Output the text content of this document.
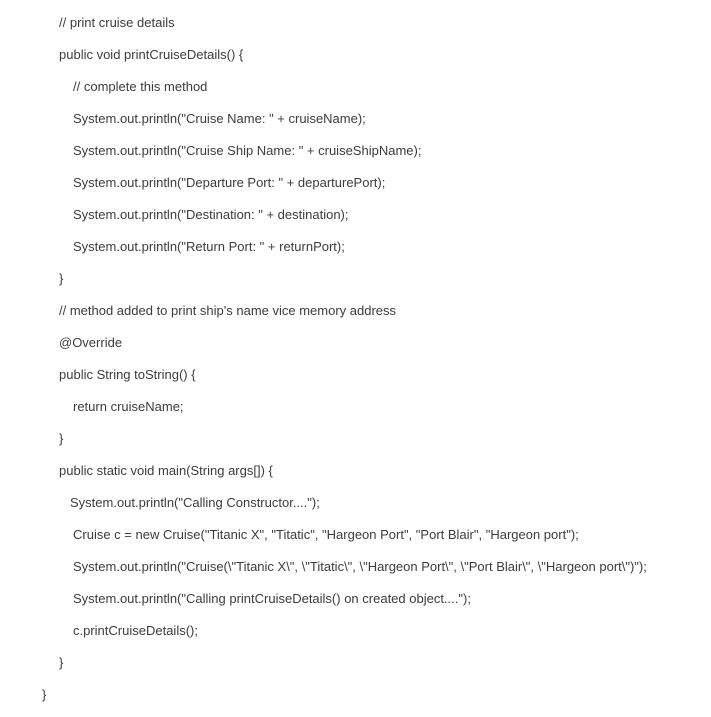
// print cruise details
public void printCruiseDetails() {
// complete this method
System.out.println("Cruise Name: " + cruiseName);
System.out.println("Cruise Ship Name: " + cruiseShipName);
System.out.println("Departure Port: " + departurePort);
System.out.println("Destination: " + destination);
System.out.println("Return Port: " + returnPort);
}
// method added to print ship's name vice memory address
@Override
public String toString() {
return cruiseName;
}
public static void main(String args[]) {
System.out.println("Calling Constructor....");
Cruise c = new Cruise("Titanic X", "Titatic", "Hargeon Port", "Port Blair", "Hargeon port");
System.out.println("Cruise(\"Titanic X\", \"Titatic\", \"Hargeon Port\", \"Port Blair\", \"Hargeon port\")");
System.out.println("Calling printCruiseDetails() on created object....");
c.printCruiseDetails();
}
}
